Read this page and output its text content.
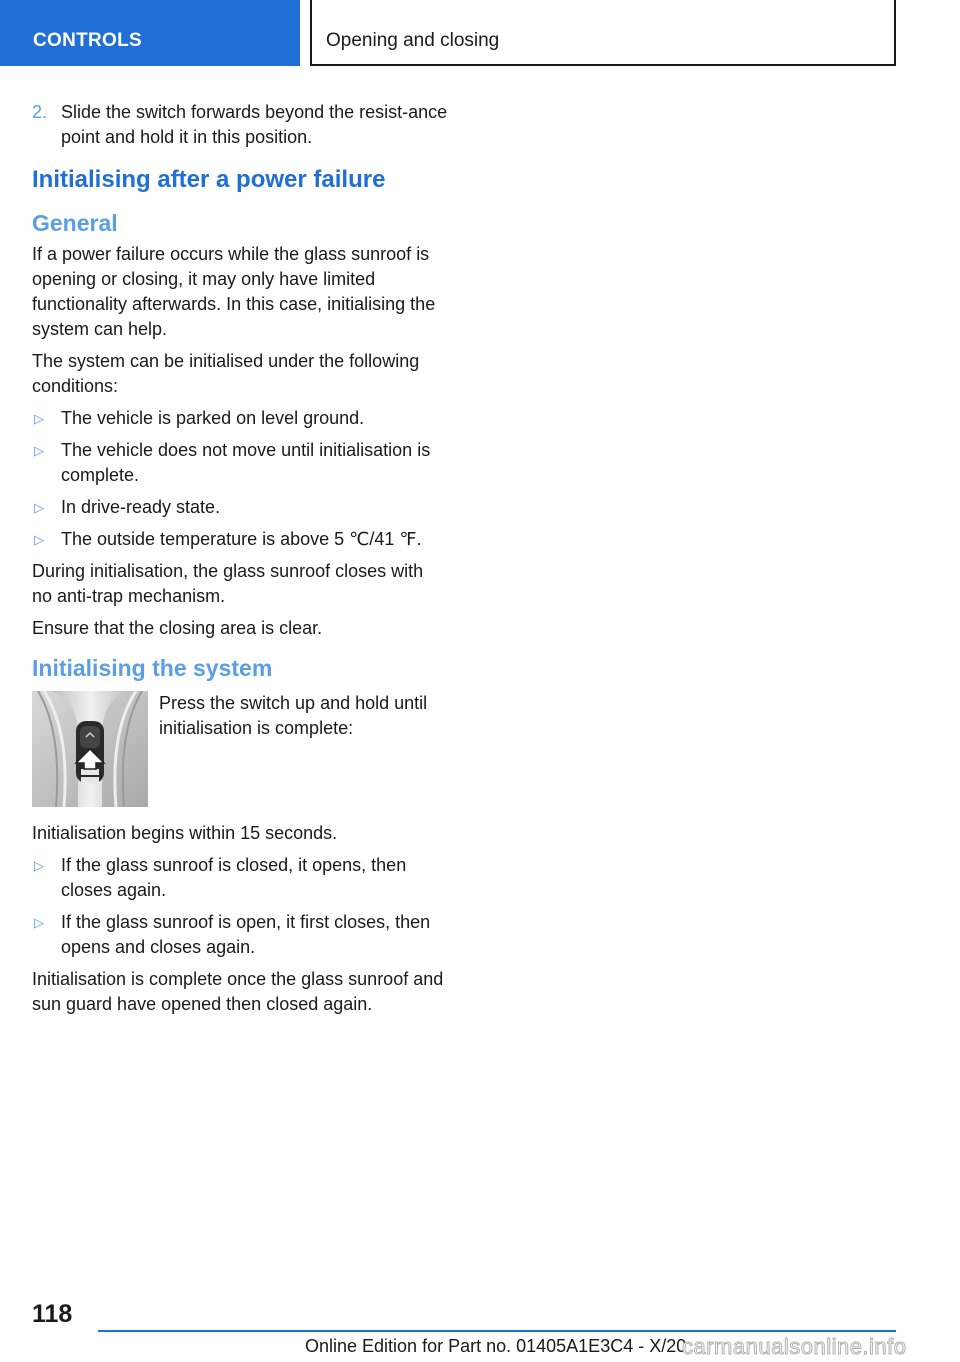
CONTROLS	Opening and closing
2. Slide the switch forwards beyond the resist-ance point and hold it in this position.
Initialising after a power failure
General

If a power failure occurs while the glass sunroof is opening or closing, it may only have limited functionality afterwards. In this case, initialising the system can help.

The system can be initialised under the following conditions:

▷ The vehicle is parked on level ground.
▷ The vehicle does not move until initialisation is complete.
▷ In drive-ready state.
▷ The outside temperature is above 5 ℃/41 ℉.

During initialisation, the glass sunroof closes with no anti-trap mechanism.

Ensure that the closing area is clear.

Initialising the system
Press the switch up and hold until initialisation is complete:

Initialisation begins within 15 seconds.

▷ If the glass sunroof is closed, it opens, then closes again.
▷ If the glass sunroof is open, it first closes, then opens and closes again.

Initialisation is complete once the glass sunroof and sun guard have opened then closed again.

118
Online Edition for Part no. 01405A1E3C4 - X/20
carmanualsonline.info
